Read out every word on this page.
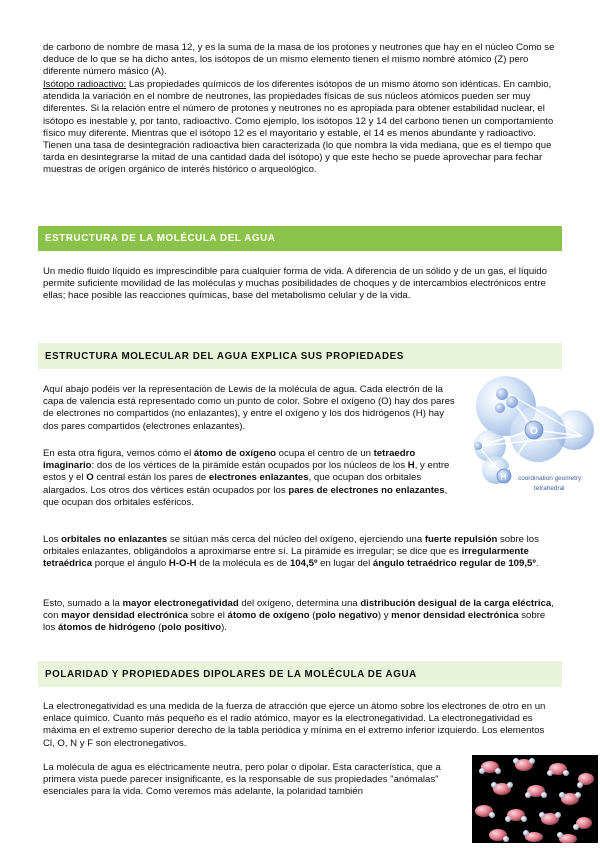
de carbono de nombre de masa 12, y es la suma de la masa de los protones y neutrones que hay en el núcleo Como se deduce de lo que se ha dicho antes, los isótopos de un mismo elemento tienen el mismo nombré atómico (Z) pero diferente número másico (A).

Isótopo radioactivo: Las propiedades químicos de los diferentes isótopos de un mismo átomo son idénticas. En cambio, atendida la variación en el nombre de neutrones, las propiedades físicas de sus núcleos atómicos pueden ser muy diferentes. Si la relación entre el número de protones y neutrones no es apropiada para obtener estabilidad nuclear, el isótopo es inestable y, por tanto, radioactivo. Como ejemplo, los isótopos 12 y 14 del carbono tienen un comportamiento físico muy diferente. Mientras que el isótopo 12 es el mayoritario y estable, el 14 es menos abundante y radioactivo. Tienen una tasa de desintegración radioactiva bien caracterizada (lo que nombra la vida mediana, que es el tiempo que tarda en desintegrarse la mitad de una cantidad dada del isótopo) y que este hecho se puede aprovechar para fechar muestras de orígen orgánico de interés histórico o arqueológico.

ESTRUCTURA DE LA MOLÉCULA DEL AGUA

Un medio fluido líquido es imprescindible para cualquier forma de vida. A diferencia de un sólido y de un gas, el líquido permite suficiente movilidad de las moléculas y muchas posibilidades de choques y de intercambios electrónicos entre ellas; hace posible las reacciones químicas, base del metabolismo celular y de la vida.

ESTRUCTURA MOLECULAR DEL AGUA EXPLICA SUS PROPIEDADES

Aquí abajo podéis ver la representación de Lewis de la molécula de agua. Cada electrón de la capa de valencia está representado como un punto de color. Sobre el oxígeno (O) hay dos pares de electrones no compartidos (no enlazantes), y entre el oxígeno y los dos hidrógenos (H) hay dos pares compartidos (electrones enlazantes).

En esta otra figura, vemos cómo el átomo de oxígeno ocupa el centro de un tetraedro imaginario: dos de los vértices de la pirámide están ocupados por los núcleos de los H, y entre estos y el O central están los pares de electrones enlazantes, que ocupan dos orbitales alargados. Los otros dos vértices están ocupados por los pares de electrones no enlazantes, que ocupan dos orbitales esféricos.

Los orbitales no enlazantes se sitúan más cerca del núcleo del oxígeno, ejerciendo una fuerte repulsión sobre los orbitales enlazantes, obligándolos a aproximarse entre sí. La pirámide es irregular; se dice que es irregularmente tetraédrica porque el ángulo H-O-H de la molécula es de 104,5º en lugar del ángulo tetraédrico regular de 109,5º.

Esto, sumado a la mayor electronegatividad del oxígeno, determina una distribución desigual de la carga eléctrica, con mayor densidad electrónica sobre el átomo de oxígeno (polo negativo) y menor densidad electrónica sobre los átomos de hidrógeno (polo positivo).

O
H coordination geometry:
tetrahedral
POLARIDAD Y PROPIEDADES DIPOLARES DE LA MOLÉCULA DE AGUA

La electronegatividad es una medida de la fuerza de atracción que ejerce un átomo sobre los electrones de otro en un enlace químico. Cuanto más pequeño es el radio atómico, mayor es la electronegatividad. La electronegatividad es máxima en el extremo superior derecho de la tabla periódica y mínima en el extremo inferior izquierdo. Los elementos Cl, O, N y F son electronegativos.

La molécula de agua es eléctricamente neutra, pero polar o dipolar. Esta característica, que a primera vista puede parecer insignificante, es la responsable de sus propiedades "anómalas" esenciales para la vida. Como veremos más adelante, la polaridad también
